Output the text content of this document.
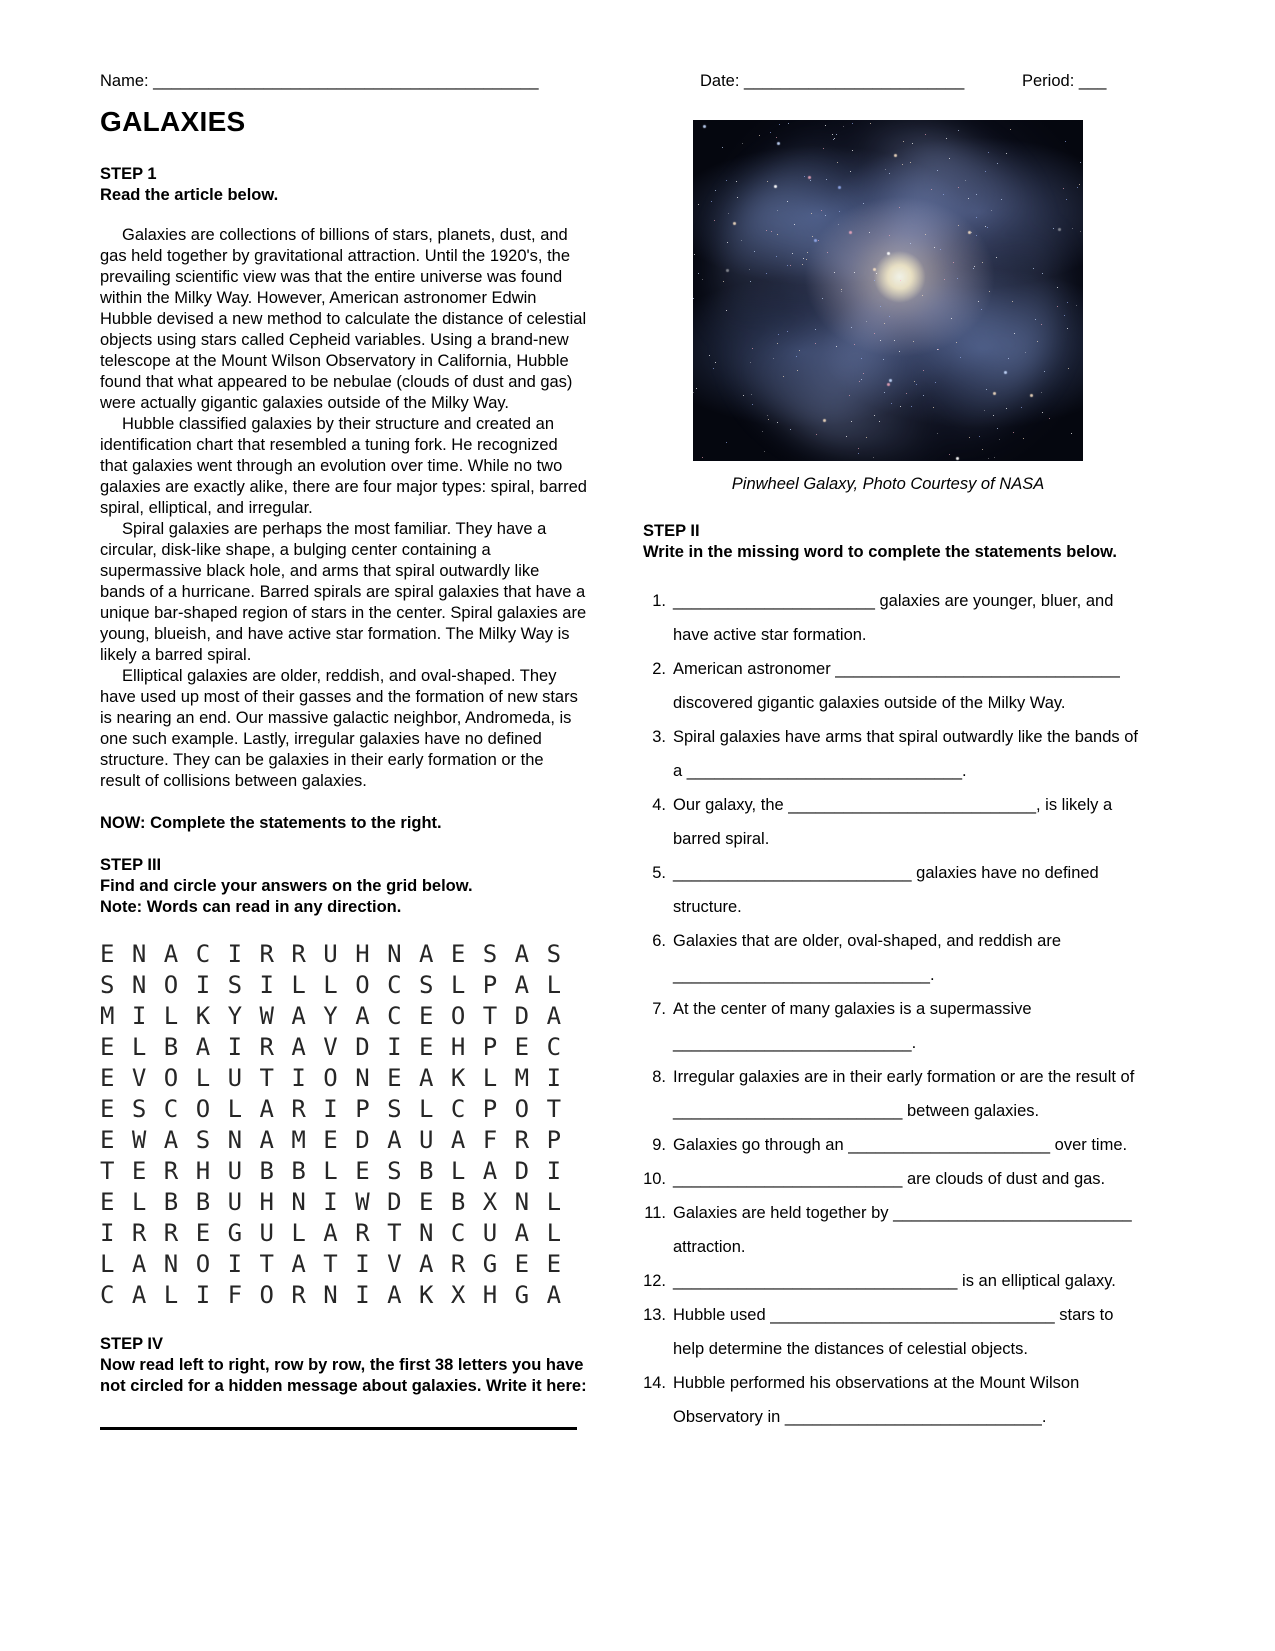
Name: __________________________________________	Date: ________________________	Period: ___
GALAXIES
STEP 1
Read the article below.

Galaxies are collections of billions of stars, planets, dust, and gas held together by gravitational attraction. Until the 1920's, the prevailing scientific view was that the entire universe was found within the Milky Way. However, American astronomer Edwin Hubble devised a new method to calculate the distance of celestial objects using stars called Cepheid variables. Using a brand-new telescope at the Mount Wilson Observatory in California, Hubble found that what appeared to be nebulae (clouds of dust and gas) were actually gigantic galaxies outside of the Milky Way.

Hubble classified galaxies by their structure and created an identification chart that resembled a tuning fork. He recognized that galaxies went through an evolution over time. While no two galaxies are exactly alike, there are four major types: spiral, barred spiral, elliptical, and irregular.

Spiral galaxies are perhaps the most familiar. They have a circular, disk-like shape, a bulging center containing a supermassive black hole, and arms that spiral outwardly like bands of a hurricane. Barred spirals are spiral galaxies that have a unique bar-shaped region of stars in the center. Spiral galaxies are young, blueish, and have active star formation. The Milky Way is likely a barred spiral.

Elliptical galaxies are older, reddish, and oval-shaped. They have used up most of their gasses and the formation of new stars is nearing an end. Our massive galactic neighbor, Andromeda, is one such example. Lastly, irregular galaxies have no defined structure. They can be galaxies in their early formation or the result of collisions between galaxies.

NOW: Complete the statements to the right.
STEP III
Find and circle your answers on the grid below.
Note: Words can read in any direction.
E N A C I R R U H N A E S A S
S N O I S I L L O C S L P A L
M I L K Y W A Y A C E O T D A
E L B A I R A V D I E H P E C
E V O L U T I O N E A K L M I
E S C O L A R I P S L C P O T
E W A S N A M E D A U A F R P
T E R H U B B L E S B L A D I
E L B B U H N I W D E B X N L
I R R E G U L A R T N C U A L
L A N O I T A T I V A R G E E
C A L I F O R N I A K X H G A
STEP IV
Now read left to right, row by row, the first 38 letters you have not circled for a hidden message about galaxies. Write it here:
Pinwheel Galaxy, Photo Courtesy of NASA
STEP II
Write in the missing word to complete the statements below.
1. ______________________ galaxies are younger, bluer, and have active star formation.
2. American astronomer _______________________________ discovered gigantic galaxies outside of the Milky Way.
3. Spiral galaxies have arms that spiral outwardly like the bands of a ______________________________.
4. Our galaxy, the ___________________________, is likely a barred spiral.
5. __________________________ galaxies have no defined structure.
6. Galaxies that are older, oval-shaped, and reddish are ____________________________.
7. At the center of many galaxies is a supermassive __________________________.
8. Irregular galaxies are in their early formation or are the result of _________________________ between galaxies.
9. Galaxies go through an ______________________ over time.
10. _________________________ are clouds of dust and gas.
11. Galaxies are held together by __________________________ attraction.
12. _______________________________ is an elliptical galaxy.
13. Hubble used _______________________________ stars to help determine the distances of celestial objects.
14. Hubble performed his observations at the Mount Wilson Observatory in ____________________________.
